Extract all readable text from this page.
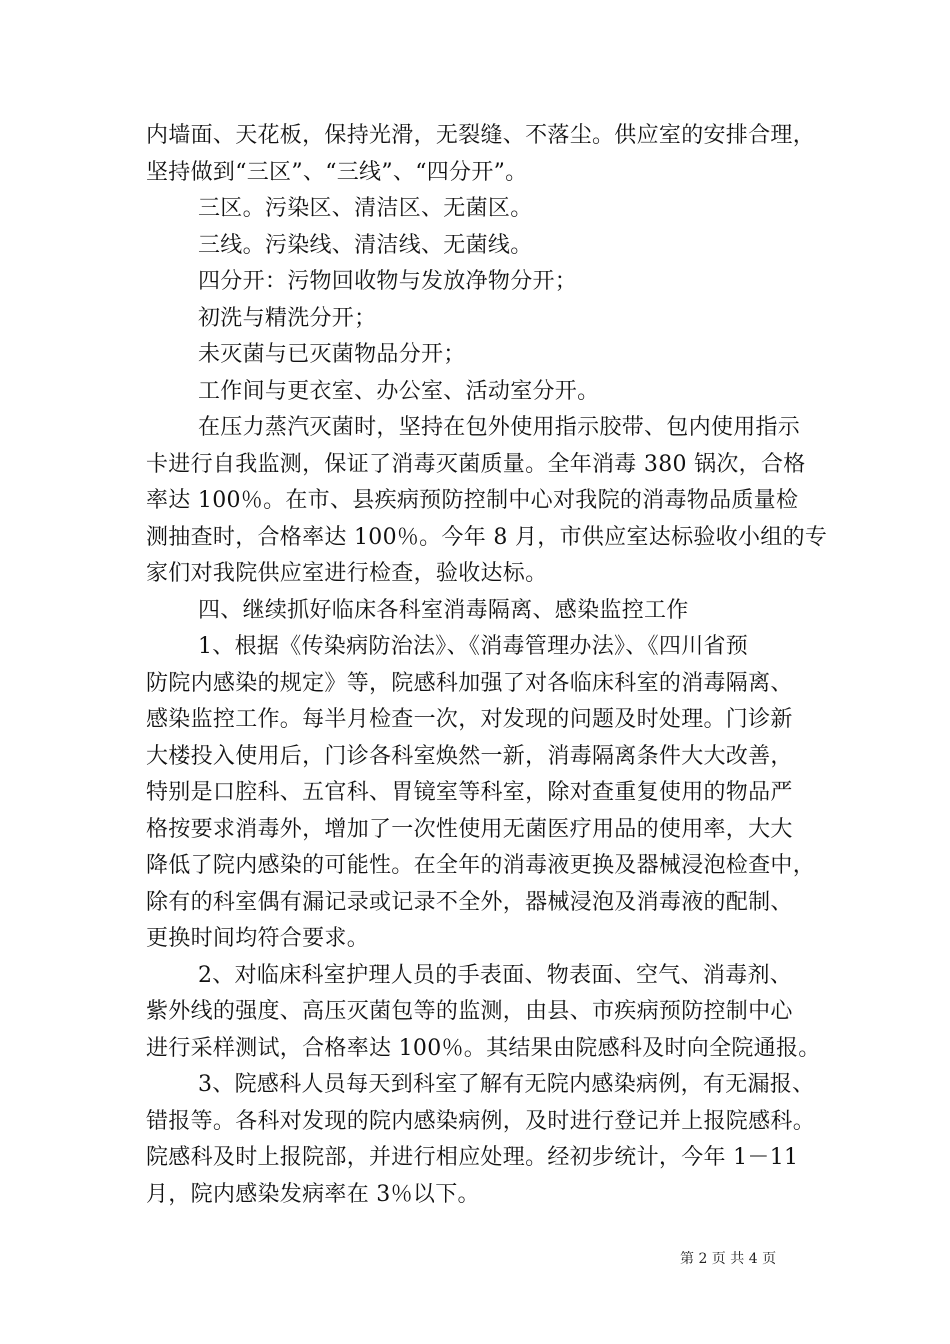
内墙面、天花板，保持光滑，无裂缝、不落尘。供应室的安排合理，
坚持做到“三区”、“三线”、“四分开”。
三区。污染区、清洁区、无菌区。
三线。污染线、清洁线、无菌线。
四分开：污物回收物与发放净物分开；
初洗与精洗分开；
未灭菌与已灭菌物品分开；
工作间与更衣室、办公室、活动室分开。
在压力蒸汽灭菌时，坚持在包外使用指示胶带、包内使用指示
卡进行自我监测，保证了消毒灭菌质量。全年消毒 380 锅次，合格
率达 100％。在市、县疾病预防控制中心对我院的消毒物品质量检
测抽查时，合格率达 100％。今年 8 月，市供应室达标验收小组的专
家们对我院供应室进行检查，验收达标。
四、继续抓好临床各科室消毒隔离、感染监控工作
1、根据《传染病防治法》、《消毒管理办法》、《四川省预
防院内感染的规定》等，院感科加强了对各临床科室的消毒隔离、
感染监控工作。每半月检查一次，对发现的问题及时处理。门诊新
大楼投入使用后，门诊各科室焕然一新，消毒隔离条件大大改善，
特别是口腔科、五官科、胃镜室等科室，除对查重复使用的物品严
格按要求消毒外，增加了一次性使用无菌医疗用品的使用率，大大
降低了院内感染的可能性。在全年的消毒液更换及器械浸泡检查中，
除有的科室偶有漏记录或记录不全外，器械浸泡及消毒液的配制、
更换时间均符合要求。
2、对临床科室护理人员的手表面、物表面、空气、消毒剂、
紫外线的强度、高压灭菌包等的监测，由县、市疾病预防控制中心
进行采样测试，合格率达 100％。其结果由院感科及时向全院通报。
3、院感科人员每天到科室了解有无院内感染病例，有无漏报、
错报等。各科对发现的院内感染病例，及时进行登记并上报院感科。
院感科及时上报院部，并进行相应处理。经初步统计，今年 1－11
月，院内感染发病率在 3％以下。
第 2 页 共 4 页
